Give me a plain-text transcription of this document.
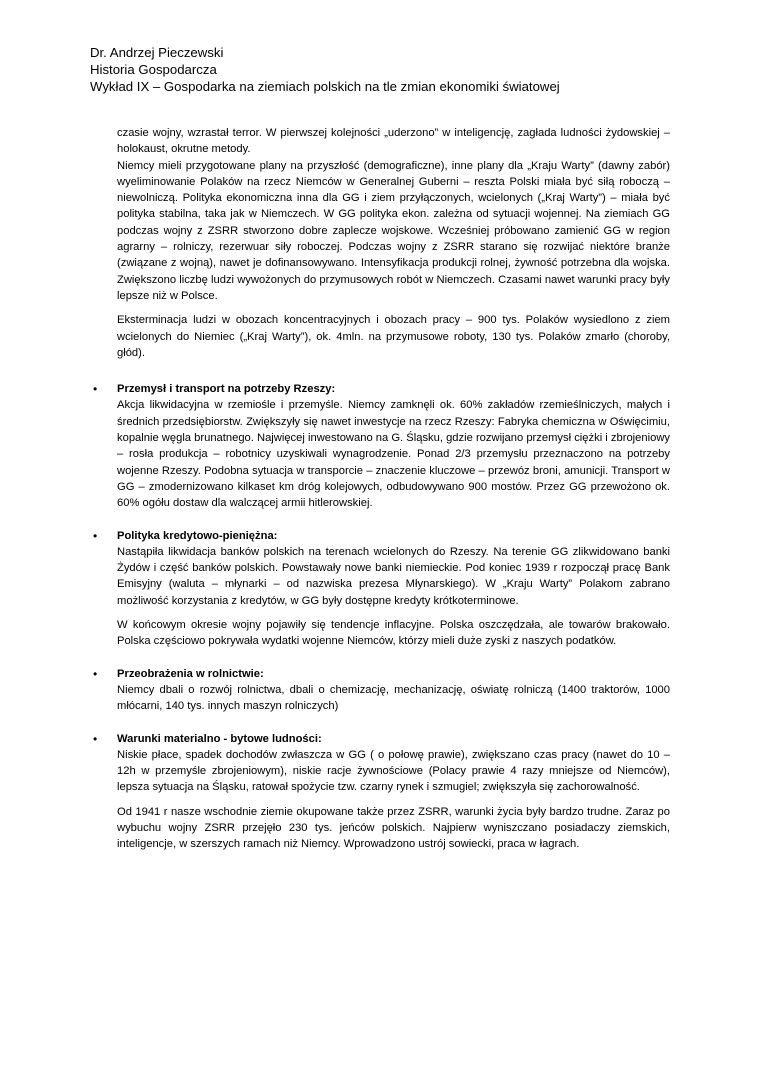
Dr. Andrzej Pieczewski
Historia Gospodarcza
Wykład IX – Gospodarka na ziemiach polskich na tle zmian ekonomiki światowej

czasie wojny, wzrastał terror. W pierwszej kolejności „uderzono” w inteligencję, zagłada ludności żydowskiej – holokaust, okrutne metody.

Niemcy mieli przygotowane plany na przyszłość (demograficzne), inne plany dla „Kraju Warty” (dawny zabór) wyeliminowanie Polaków na rzecz Niemców w Generalnej Guberni – reszta Polski miała być siłą roboczą – niewolniczą. Polityka ekonomiczna inna dla GG i ziem przyłączonych, wcielonych („Kraj Warty”) – miała być polityka stabilna, taka jak w Niemczech. W GG polityka ekon. zależna od sytuacji wojennej. Na ziemiach GG podczas wojny z ZSRR stworzono dobre zaplecze wojskowe. Wcześniej próbowano zamienić GG w region agrarny – rolniczy, rezerwuar siły roboczej. Podczas wojny z ZSRR starano się rozwijać niektóre branże (związane z wojną), nawet je dofinansowywano. Intensyfikacja produkcji rolnej, żywność potrzebna dla wojska. Zwiększono liczbę ludzi wywożonych do przymusowych robót w Niemczech. Czasami nawet warunki pracy były lepsze niż w Polsce.

Eksterminacja ludzi w obozach koncentracyjnych i obozach pracy – 900 tys. Polaków wysiedlono z ziem wcielonych do Niemiec („Kraj Warty”), ok. 4mln. na przymusowe roboty, 130 tys. Polaków zmarło (choroby, głód).

• Przemysł i transport na potrzeby Rzeszy:

Akcja likwidacyjna w rzemiośle i przemyśle. Niemcy zamknęli ok. 60% zakładów rzemieślniczych, małych i średnich przedsiębiorstw. Zwiększyły się nawet inwestycje na rzecz Rzeszy: Fabryka chemiczna w Oświęcimiu, kopalnie węgla brunatnego. Najwięcej inwestowano na G. Śląsku, gdzie rozwijano przemysł ciężki i zbrojeniowy – rosła produkcja – robotnicy uzyskiwali wynagrodzenie. Ponad 2/3 przemysłu przeznaczono na potrzeby wojenne Rzeszy. Podobna sytuacja w transporcie – znaczenie kluczowe – przewóz broni, amunicji. Transport w GG – zmodernizowano kilkaset km dróg kolejowych, odbudowywano 900 mostów. Przez GG przewożono ok. 60% ogółu dostaw dla walczącej armii hitlerowskiej.

• Polityka kredytowo-pieniężna:

Nastąpiła likwidacja banków polskich na terenach wcielonych do Rzeszy. Na terenie GG zlikwidowano banki Żydów i część banków polskich. Powstawały nowe banki niemieckie. Pod koniec 1939 r rozpoczął pracę Bank Emisyjny (waluta – młynarki – od nazwiska prezesa Młynarskiego). W „Kraju Warty” Polakom zabrano możliwość korzystania z kredytów, w GG były dostępne kredyty krótkoterminowe.

W końcowym okresie wojny pojawiły się tendencje inflacyjne. Polska oszczędzała, ale towarów brakowało. Polska częściowo pokrywała wydatki wojenne Niemców, którzy mieli duże zyski z naszych podatków.

• Przeobrażenia w rolnictwie:

Niemcy dbali o rozwój rolnictwa, dbali o chemizację, mechanizację, oświatę rolniczą (1400 traktorów, 1000 młócarni, 140 tys. innych maszyn rolniczych)

• Warunki materialno - bytowe ludności:

Niskie płace, spadek dochodów zwłaszcza w GG ( o połowę prawie), zwiększano czas pracy (nawet do 10 – 12h w przemyśle zbrojeniowym), niskie racje żywnościowe (Polacy prawie 4 razy mniejsze od Niemców), lepsza sytuacja na Śląsku, ratował spożycie tzw. czarny rynek i szmugiel; zwiększyła się zachorowalność.

Od 1941 r nasze wschodnie ziemie okupowane także przez ZSRR, warunki życia były bardzo trudne. Zaraz po wybuchu wojny ZSRR przejęło 230 tys. jeńców polskich. Najpierw wyniszczano posiadaczy ziemskich, inteligencje, w szerszych ramach niż Niemcy. Wprowadzono ustrój sowiecki, praca w łagrach.
